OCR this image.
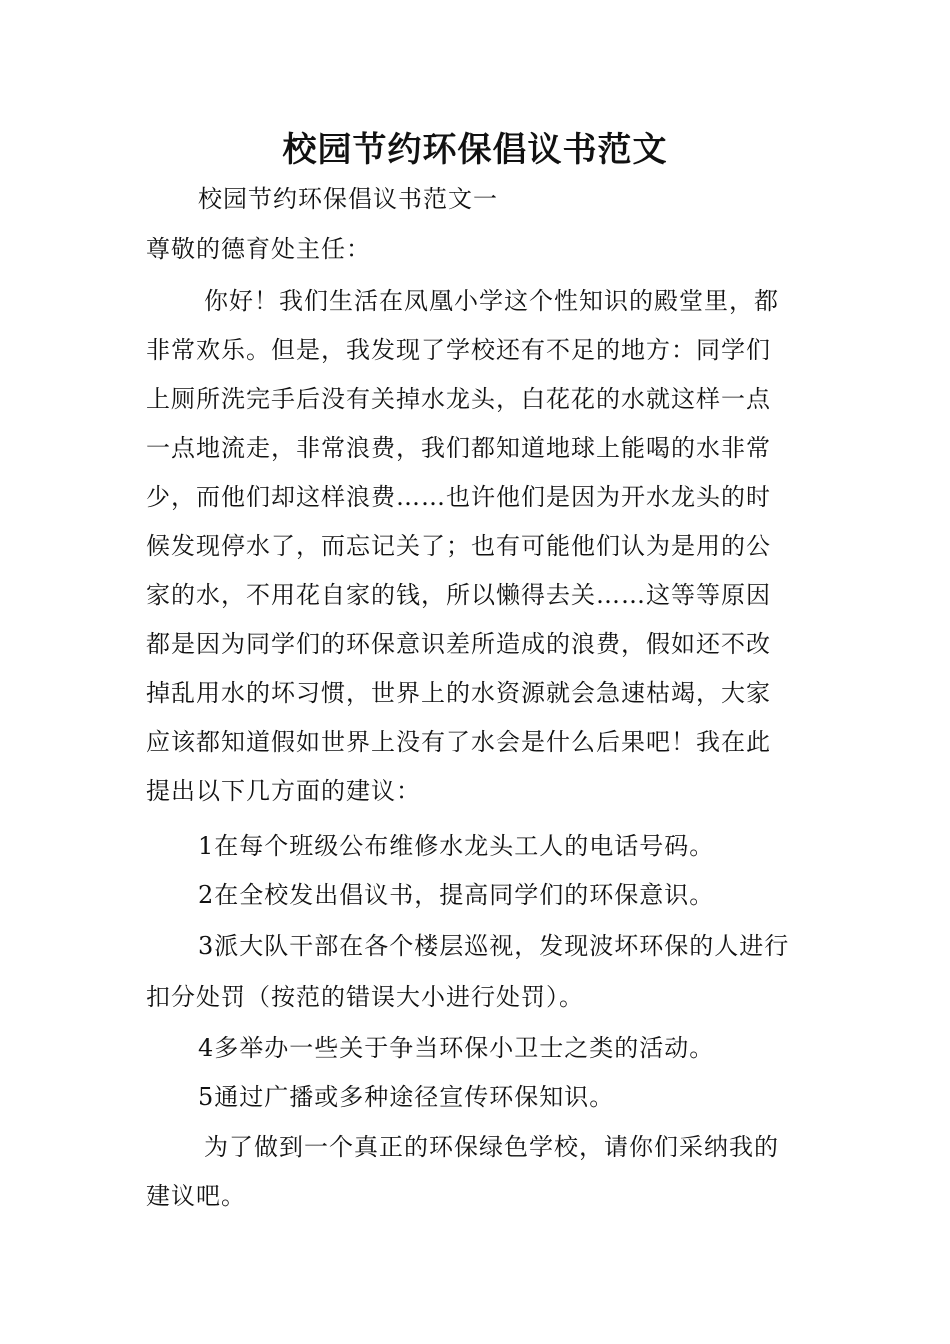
校园节约环保倡议书范文
校园节约环保倡议书范文一
尊敬的德育处主任：
你好！我们生活在凤凰小学这个性知识的殿堂里，都
非常欢乐。但是，我发现了学校还有不足的地方：同学们
上厕所洗完手后没有关掉水龙头，白花花的水就这样一点
一点地流走，非常浪费，我们都知道地球上能喝的水非常
少，而他们却这样浪费……也许他们是因为开水龙头的时
候发现停水了，而忘记关了；也有可能他们认为是用的公
家的水，不用花自家的钱，所以懒得去关……这等等原因
都是因为同学们的环保意识差所造成的浪费，假如还不改
掉乱用水的坏习惯，世界上的水资源就会急速枯竭，大家
应该都知道假如世界上没有了水会是什么后果吧！我在此
提出以下几方面的建议：
1在每个班级公布维修水龙头工人的电话号码。
2在全校发出倡议书，提高同学们的环保意识。
3派大队干部在各个楼层巡视，发现波坏环保的人进行
扣分处罚（按范的错误大小进行处罚）。
4多举办一些关于争当环保小卫士之类的活动。
5通过广播或多种途径宣传环保知识。
为了做到一个真正的环保绿色学校，请你们采纳我的
建议吧。
